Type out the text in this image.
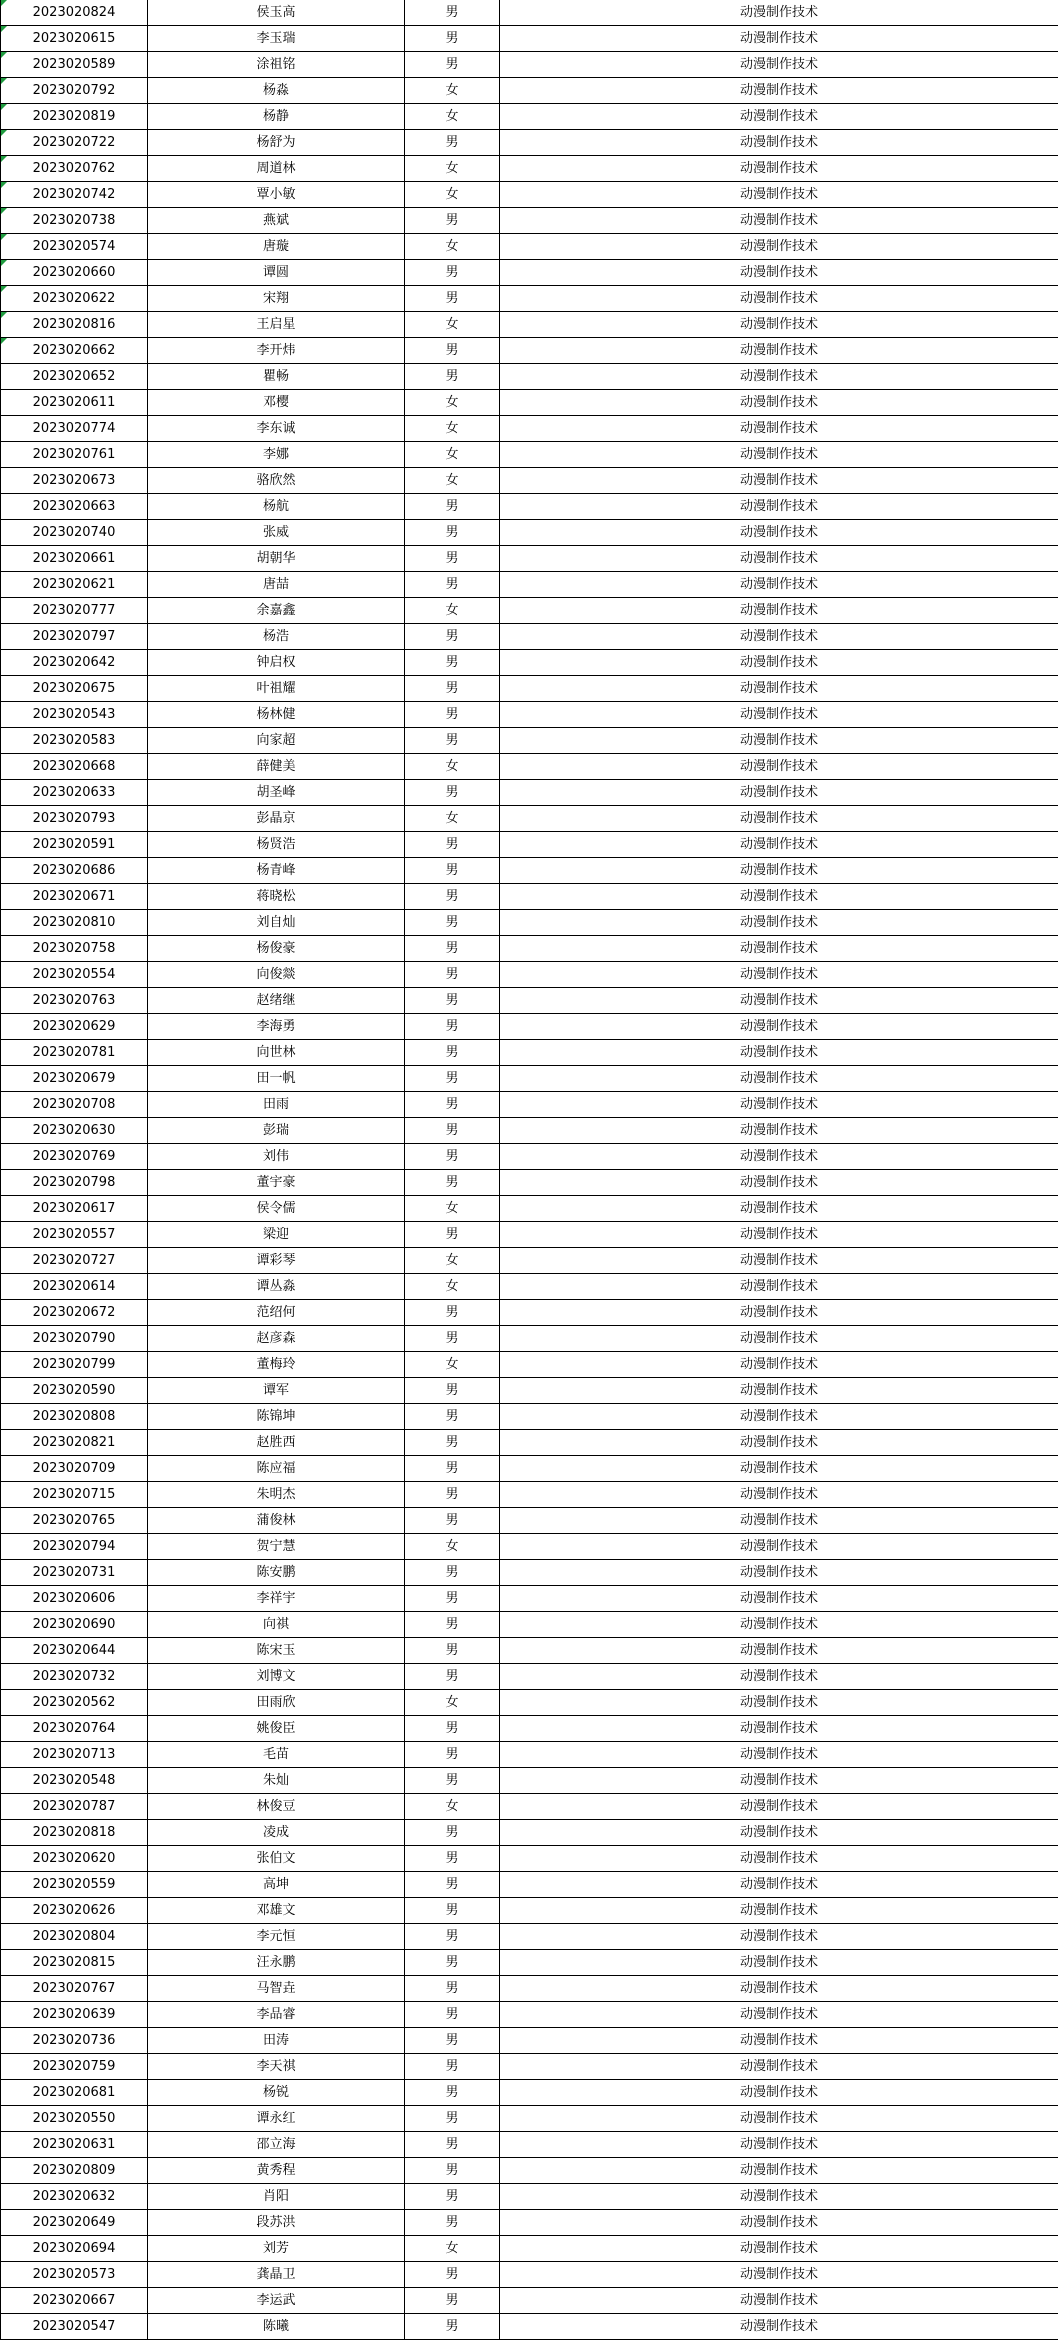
2023020824	侯玉高	男	动漫制作技术
2023020615	李玉瑞	男	动漫制作技术
2023020589	涂祖铭	男	动漫制作技术
2023020792	杨淼	女	动漫制作技术
2023020819	杨静	女	动漫制作技术
2023020722	杨舒为	男	动漫制作技术
2023020762	周道林	女	动漫制作技术
2023020742	覃小敏	女	动漫制作技术
2023020738	燕斌	男	动漫制作技术
2023020574	唐璇	女	动漫制作技术
2023020660	谭圆	男	动漫制作技术
2023020622	宋翔	男	动漫制作技术
2023020816	王启星	女	动漫制作技术
2023020662	李开炜	男	动漫制作技术
2023020652	瞿畅	男	动漫制作技术
2023020611	邓樱	女	动漫制作技术
2023020774	李东诚	女	动漫制作技术
2023020761	李娜	女	动漫制作技术
2023020673	骆欣然	女	动漫制作技术
2023020663	杨航	男	动漫制作技术
2023020740	张威	男	动漫制作技术
2023020661	胡朝华	男	动漫制作技术
2023020621	唐喆	男	动漫制作技术
2023020777	余嘉鑫	女	动漫制作技术
2023020797	杨浩	男	动漫制作技术
2023020642	钟启权	男	动漫制作技术
2023020675	叶祖耀	男	动漫制作技术
2023020543	杨林健	男	动漫制作技术
2023020583	向家超	男	动漫制作技术
2023020668	薛健美	女	动漫制作技术
2023020633	胡圣峰	男	动漫制作技术
2023020793	彭晶京	女	动漫制作技术
2023020591	杨贤浩	男	动漫制作技术
2023020686	杨青峰	男	动漫制作技术
2023020671	蒋晓松	男	动漫制作技术
2023020810	刘自灿	男	动漫制作技术
2023020758	杨俊豪	男	动漫制作技术
2023020554	向俊燚	男	动漫制作技术
2023020763	赵绪继	男	动漫制作技术
2023020629	李海勇	男	动漫制作技术
2023020781	向世林	男	动漫制作技术
2023020679	田一帆	男	动漫制作技术
2023020708	田雨	男	动漫制作技术
2023020630	彭瑞	男	动漫制作技术
2023020769	刘伟	男	动漫制作技术
2023020798	董宇豪	男	动漫制作技术
2023020617	侯令儒	女	动漫制作技术
2023020557	梁迎	男	动漫制作技术
2023020727	谭彩琴	女	动漫制作技术
2023020614	谭丛淼	女	动漫制作技术
2023020672	范绍何	男	动漫制作技术
2023020790	赵彦森	男	动漫制作技术
2023020799	董梅玲	女	动漫制作技术
2023020590	谭军	男	动漫制作技术
2023020808	陈锦坤	男	动漫制作技术
2023020821	赵胜西	男	动漫制作技术
2023020709	陈应福	男	动漫制作技术
2023020715	朱明杰	男	动漫制作技术
2023020765	蒲俊林	男	动漫制作技术
2023020794	贺宁慧	女	动漫制作技术
2023020731	陈安鹏	男	动漫制作技术
2023020606	李祥宇	男	动漫制作技术
2023020690	向祺	男	动漫制作技术
2023020644	陈宋玉	男	动漫制作技术
2023020732	刘博文	男	动漫制作技术
2023020562	田雨欣	女	动漫制作技术
2023020764	姚俊臣	男	动漫制作技术
2023020713	毛苗	男	动漫制作技术
2023020548	朱灿	男	动漫制作技术
2023020787	林俊豆	女	动漫制作技术
2023020818	凌成	男	动漫制作技术
2023020620	张伯文	男	动漫制作技术
2023020559	高坤	男	动漫制作技术
2023020626	邓雄文	男	动漫制作技术
2023020804	李元恒	男	动漫制作技术
2023020815	汪永鹏	男	动漫制作技术
2023020767	马智垚	男	动漫制作技术
2023020639	李品睿	男	动漫制作技术
2023020736	田涛	男	动漫制作技术
2023020759	李天祺	男	动漫制作技术
2023020681	杨锐	男	动漫制作技术
2023020550	谭永红	男	动漫制作技术
2023020631	邵立海	男	动漫制作技术
2023020809	黄秀程	男	动漫制作技术
2023020632	肖阳	男	动漫制作技术
2023020649	段苏洪	男	动漫制作技术
2023020694	刘芳	女	动漫制作技术
2023020573	龚晶卫	男	动漫制作技术
2023020667	李运武	男	动漫制作技术
2023020547	陈曦	男	动漫制作技术
